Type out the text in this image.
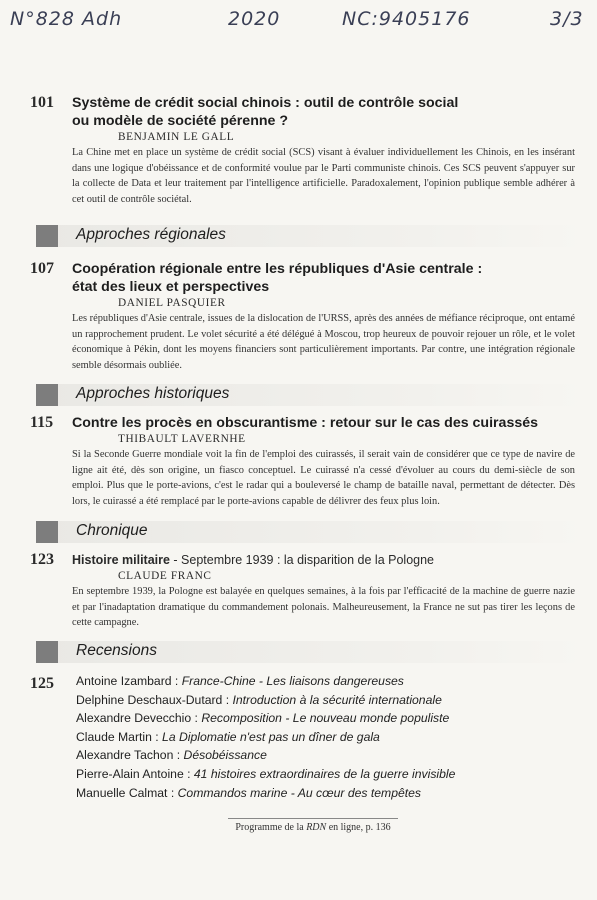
N°828 Adh	2020	NC:9405176	3/3
101	Système de crédit social chinois : outil de contrôle social
ou modèle de société pérenne ?
BENJAMIN LE GALL
La Chine met en place un système de crédit social (SCS) visant à évaluer individuellement les Chinois, en les insérant dans une logique d'obéissance et de conformité voulue par le Parti communiste chinois. Ces SCS peuvent s'appuyer sur la collecte de Data et leur traitement par l'intelligence artificielle. Paradoxalement, l'opinion publique semble adhérer à cet outil de contrôle sociétal.
Approches régionales
107	Coopération régionale entre les républiques d'Asie centrale :
état des lieux et perspectives
DANIEL PASQUIER
Les républiques d'Asie centrale, issues de la dislocation de l'URSS, après des années de méfiance réciproque, ont entamé un rapprochement prudent. Le volet sécurité a été délégué à Moscou, trop heureux de pouvoir rejouer un rôle, et le volet économique à Pékin, dont les moyens financiers sont particulièrement importants. Par contre, une intégration régionale semble désormais oubliée.
Approches historiques
115	Contre les procès en obscurantisme : retour sur le cas des cuirassés
THIBAULT LAVERNHE
Si la Seconde Guerre mondiale voit la fin de l'emploi des cuirassés, il serait vain de considérer que ce type de navire de ligne ait été, dès son origine, un fiasco conceptuel. Le cuirassé n'a cessé d'évoluer au cours du demi-siècle de son emploi. Plus que le porte-avions, c'est le radar qui a bouleversé le champ de bataille naval, permettant de détecter. Dès lors, le cuirassé a été remplacé par le porte-avions capable de délivrer des feux plus loin.
Chronique
123	Histoire militaire - Septembre 1939 : la disparition de la Pologne
CLAUDE FRANC
En septembre 1939, la Pologne est balayée en quelques semaines, à la fois par l'efficacité de la machine de guerre nazie et par l'inadaptation dramatique du commandement polonais. Malheureusement, la France ne sut pas tirer les leçons de cette campagne.
Recensions
125	Antoine Izambard : France-Chine - Les liaisons dangereuses
Delphine Deschaux-Dutard : Introduction à la sécurité internationale
Alexandre Devecchio : Recomposition - Le nouveau monde populiste
Claude Martin : La Diplomatie n'est pas un dîner de gala
Alexandre Tachon : Désobéissance
Pierre-Alain Antoine : 41 histoires extraordinaires de la guerre invisible
Manuelle Calmat : Commandos marine - Au cœur des tempêtes
Programme de la RDN en ligne, p. 136
